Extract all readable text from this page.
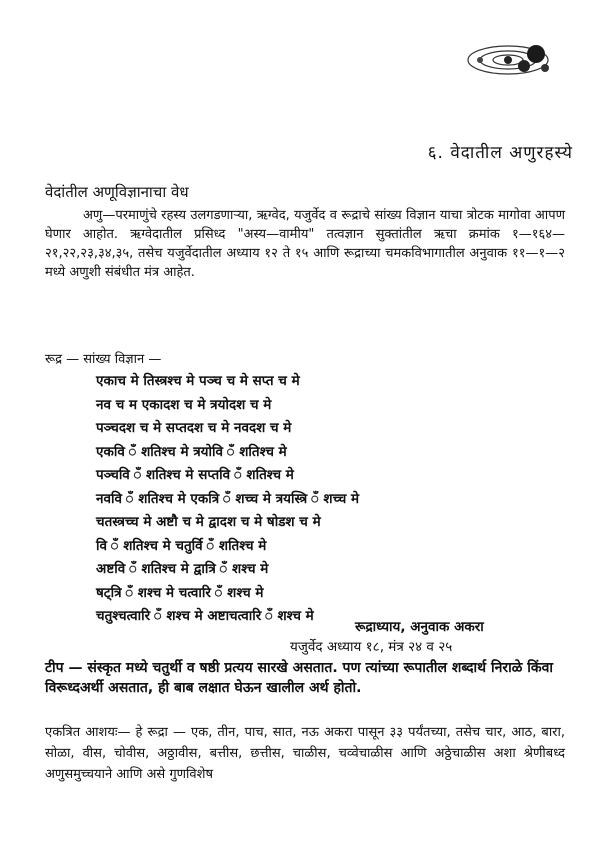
६. वेदातील अणुरहस्ये
वेदांतील अणूविज्ञानाचा वेध
अणु—परमाणुंचे रहस्य उलगडणाऱ्या, ऋग्वेद, यजुर्वेद व रूद्राचे सांख्य विज्ञान याचा त्रोटक मागोवा आपण घेणार आहोत. ऋग्वेदातील प्रसिध्द "अस्य—वामीय" तत्वज्ञान सुक्तांतील ऋचा क्रमांक १—१६४—२१,२२,२३,३४,३५, तसेच यजुर्वेदातील अध्याय १२ ते १५ आणि रूद्राच्या चमकविभागातील अनुवाक ११—१—२ मध्ये अणुशी संबंधीत मंत्र आहेत.
रूद्र — सांख्य विज्ञान —
एकाच मे तिस्त्रश्च मे पञ्च च मे सप्त च मे
नव च म एकादश च मे त्रयोदश च मे
पञ्चदश च मे सप्तदश च मे नवदश च मे
एकवि ँ शतिश्च मे त्रयोवि ँ शतिश्च मे
पञ्चवि ँ शतिश्च मे सप्तवि ँ शतिश्च मे
नववि ँ शतिश्च मे एकत्रि ँ शच्च मे त्रयस्त्रि ँ शच्च मे
चतस्त्रच्च मे अष्टौ च मे द्वादश च मे षोडश च मे
वि ँ शतिश्च मे चतुर्वि ँ शतिश्च मे
अष्टवि ँ शतिश्च मे द्वात्रि ँ शश्च मे
षट्त्रि ँ शश्च मे चत्वारि ँ शश्च मे
चतुश्चत्वारि ँ शश्च मे अष्टाचत्वारि ँ शश्च मे
रूद्राध्याय, अनुवाक अकरा
यजुर्वेद अध्याय १८, मंत्र २४ व २५
टीप — संस्कृत मध्ये चतुर्थी व षष्ठी प्रत्यय सारखे असतात. पण त्यांच्या रूपातील शब्दार्थ निराळे किंवा विरूध्दअर्थी असतात, ही बाब लक्षात घेऊन खालील अर्थ होतो.
एकत्रित आशयः— हे रूद्रा — एक, तीन, पाच, सात, नऊ अकरा पासून ३३ पर्यंतच्या, तसेच चार, आठ, बारा, सोळा, वीस, चोवीस, अठ्ठावीस, बत्तीस, छत्तीस, चाळीस, चव्वेचाळीस आणि अठ्ठेचाळीस अशा श्रेणीबध्द अणुसमुच्चयाने आणि असे गुणविशेष
